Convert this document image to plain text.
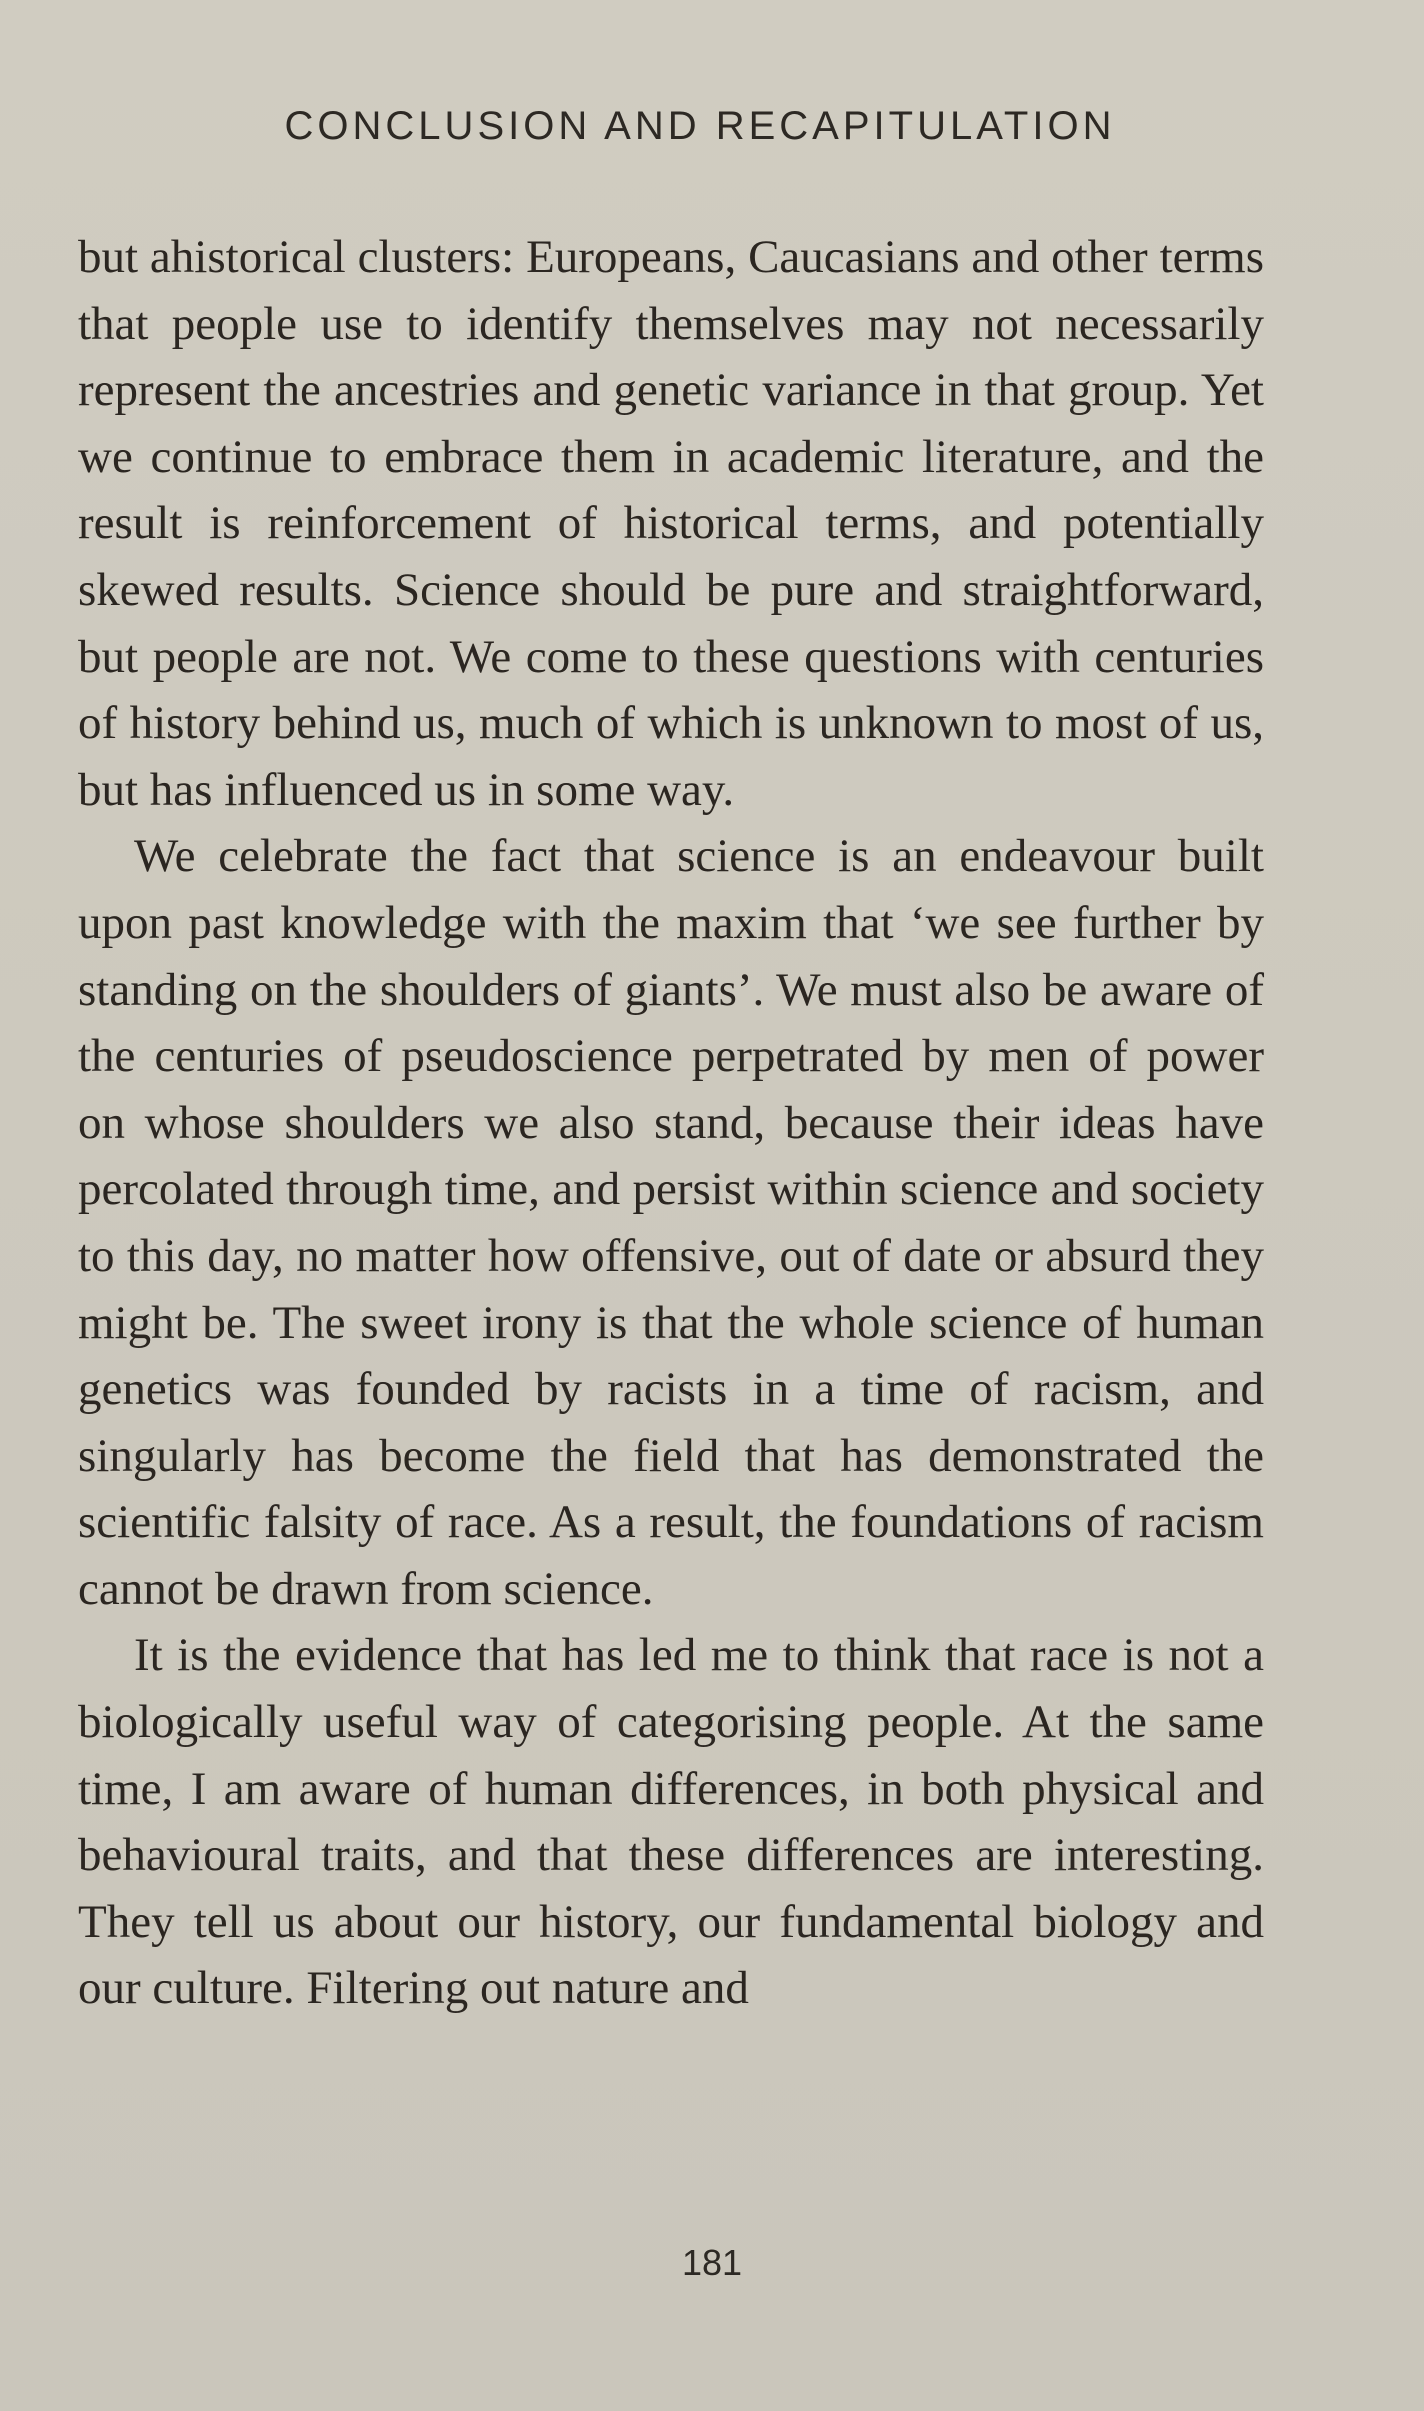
CONCLUSION AND RECAPITULATION

but ahistorical clusters: Europeans, Caucasians and other terms that people use to identify themselves may not necessarily represent the ancestries and genetic variance in that group. Yet we continue to embrace them in academic literature, and the result is reinforcement of historical terms, and potentially skewed results. Science should be pure and straightforward, but people are not. We come to these questions with centuries of history behind us, much of which is unknown to most of us, but has influenced us in some way.

We celebrate the fact that science is an endeavour built upon past knowledge with the maxim that ‘we see further by standing on the shoulders of giants’. We must also be aware of the centuries of pseudoscience perpetrated by men of power on whose shoulders we also stand, because their ideas have percolated through time, and persist within science and society to this day, no matter how offensive, out of date or absurd they might be. The sweet irony is that the whole science of human genetics was founded by racists in a time of racism, and singularly has become the field that has demonstrated the scientific falsity of race. As a result, the foundations of racism cannot be drawn from science.

It is the evidence that has led me to think that race is not a biologically useful way of categorising people. At the same time, I am aware of human differences, in both physical and behavioural traits, and that these differences are interesting. They tell us about our history, our fundamental biology and our culture. Filtering out nature and

181
